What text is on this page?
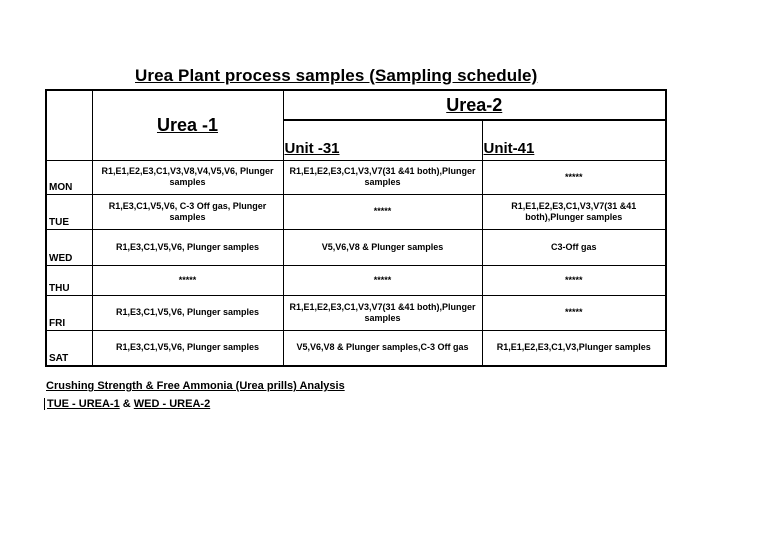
Urea Plant process samples (Sampling schedule)
	Urea -1	Urea-2	
		Unit -31	Unit-41
MON	R1,E1,E2,E3,C1,V3,V8,V4,V5,V6, Plunger samples	R1,E1,E2,E3,C1,V3,V7(31 &41 both),Plunger samples	*****
TUE	R1,E3,C1,V5,V6, C-3 Off gas, Plunger samples	*****	R1,E1,E2,E3,C1,V3,V7(31 &41 both),Plunger samples
WED	R1,E3,C1,V5,V6, Plunger samples	V5,V6,V8 & Plunger samples	C3-Off gas
THU	*****	*****	*****
FRI	R1,E3,C1,V5,V6, Plunger samples	R1,E1,E2,E3,C1,V3,V7(31 &41 both),Plunger samples	*****
SAT	R1,E3,C1,V5,V6, Plunger samples	V5,V6,V8 & Plunger samples,C-3 Off gas	R1,E1,E2,E3,C1,V3,Plunger samples
Crushing Strength & Free Ammonia (Urea prills) Analysis
TUE - UREA-1 & WED - UREA-2
